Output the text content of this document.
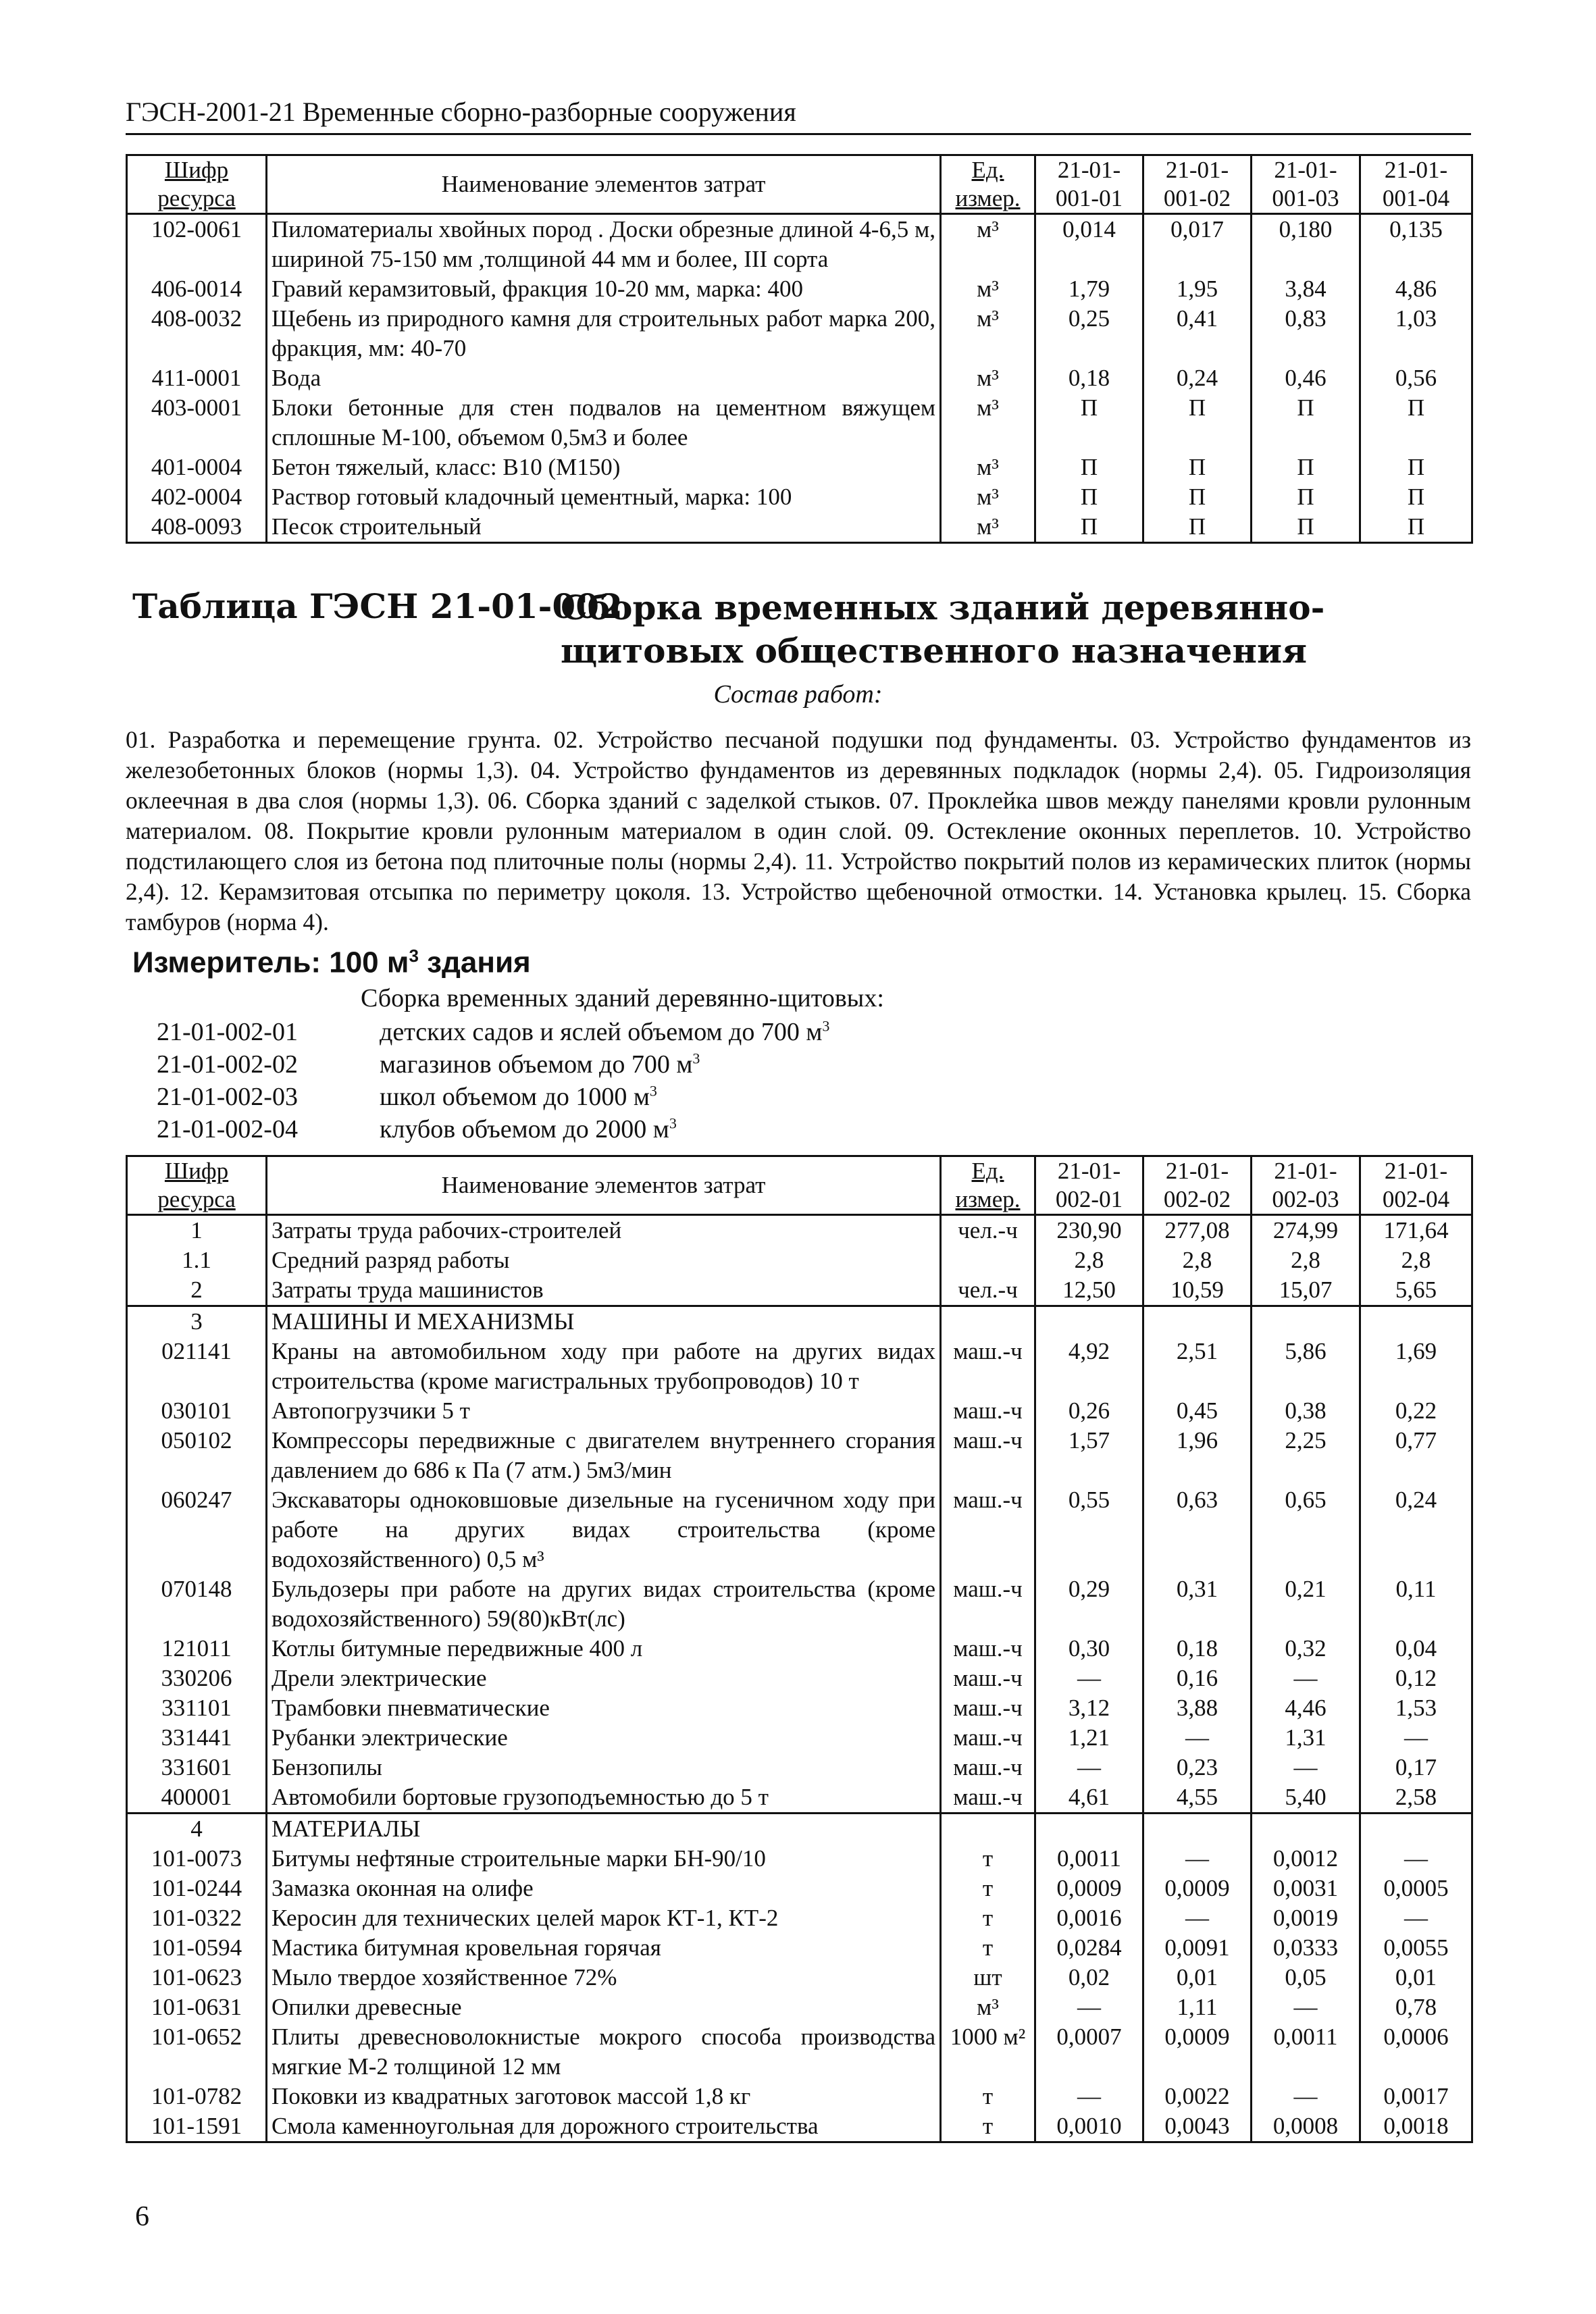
ГЭСН-2001-21 Временные сборно-разборные сооружения
Шифр ресурса	Наименование элементов затрат	Ед. измер.	21-01-001-01	21-01-001-02	21-01-001-03	21-01-001-04
102-0061	Пиломатериалы хвойных пород . Доски обрезные длиной 4-6,5 м, шириной 75-150 мм ,толщиной 44 мм и более, III сорта	м³	0,014	0,017	0,180	0,135
406-0014	Гравий керамзитовый, фракция 10-20 мм, марка: 400	м³	1,79	1,95	3,84	4,86
408-0032	Щебень из природного камня для строительных работ марка 200, фракция, мм: 40-70	м³	0,25	0,41	0,83	1,03
411-0001	Вода	м³	0,18	0,24	0,46	0,56
403-0001	Блоки бетонные для стен подвалов на цементном вяжущем сплошные М-100, объемом 0,5м3 и более	м³	П	П	П	П
401-0004	Бетон тяжелый, класс: В10 (М150)	м³	П	П	П	П
402-0004	Раствор готовый кладочный цементный, марка: 100	м³	П	П	П	П
408-0093	Песок строительный	м³	П	П	П	П
Таблица ГЭСН 21-01-002
Сборка временных зданий деревянно-щитовых общественного назначения
Состав работ:
01. Разработка и перемещение грунта. 02. Устройство песчаной подушки под фундаменты. 03. Устройство фундаментов из железобетонных блоков (нормы 1,3). 04. Устройство фундаментов из деревянных подкладок (нормы 2,4). 05. Гидроизоляция оклеечная в два слоя (нормы 1,3). 06. Сборка зданий с заделкой стыков. 07. Проклейка швов между панелями кровли рулонным материалом. 08. Покрытие кровли рулонным материалом в один слой. 09. Остекление оконных переплетов. 10. Устройство подстилающего слоя из бетона под плиточные полы (нормы 2,4). 11. Устройство покрытий полов из керамических плиток (нормы 2,4). 12. Керамзитовая отсыпка по периметру цоколя. 13. Устройство щебеночной отмостки. 14. Установка крылец. 15. Сборка тамбуров (норма 4).
Измеритель: 100 $м^3$ здания
Сборка временных зданий деревянно-щитовых:
21-01-002-01	детских садов и яслей объемом до 700 $м^3$
21-01-002-02	магазинов объемом до 700 $м^3$
21-01-002-03	школ объемом до 1000 $м^3$
21-01-002-04	клубов объемом до 2000 $м^3$
Шифр ресурса	Наименование элементов затрат	Ед. измер.	21-01-002-01	21-01-002-02	21-01-002-03	21-01-002-04
1	Затраты труда рабочих-строителей	чел.-ч	230,90	277,08	274,99	171,64
1.1	Средний разряд работы		2,8	2,8	2,8	2,8
2	Затраты труда машинистов	чел.-ч	12,50	10,59	15,07	5,65
3	МАШИНЫ И МЕХАНИЗМЫ					
021141	Краны на автомобильном ходу при работе на других видах строительства (кроме магистральных трубопроводов) 10 т	маш.-ч	4,92	2,51	5,86	1,69
030101	Автопогрузчики 5 т	маш.-ч	0,26	0,45	0,38	0,22
050102	Компрессоры передвижные с двигателем внутреннего сгорания давлением до 686 к Па (7 атм.) 5м3/мин	маш.-ч	1,57	1,96	2,25	0,77
060247	Экскаваторы одноковшовые дизельные на гусеничном ходу при работе на других видах строительства (кроме водохозяйственного) 0,5 м³	маш.-ч	0,55	0,63	0,65	0,24
070148	Бульдозеры при работе на других видах строительства (кроме водохозяйственного) 59(80)кВт(лс)	маш.-ч	0,29	0,31	0,21	0,11
121011	Котлы битумные передвижные 400 л	маш.-ч	0,30	0,18	0,32	0,04
330206	Дрели электрические	маш.-ч	—	0,16	—	0,12
331101	Трамбовки пневматические	маш.-ч	3,12	3,88	4,46	1,53
331441	Рубанки электрические	маш.-ч	1,21	—	1,31	—
331601	Бензопилы	маш.-ч	—	0,23	—	0,17
400001	Автомобили бортовые грузоподъемностью до 5 т	маш.-ч	4,61	4,55	5,40	2,58
4	МАТЕРИАЛЫ					
101-0073	Битумы нефтяные строительные марки БН-90/10	т	0,0011	—	0,0012	—
101-0244	Замазка оконная на олифе	т	0,0009	0,0009	0,0031	0,0005
101-0322	Керосин для технических целей марок КТ-1, КТ-2	т	0,0016	—	0,0019	—
101-0594	Мастика битумная кровельная горячая	т	0,0284	0,0091	0,0333	0,0055
101-0623	Мыло твердое хозяйственное 72%	шт	0,02	0,01	0,05	0,01
101-0631	Опилки древесные	м³	—	1,11	—	0,78
101-0652	Плиты древесноволокнистые мокрого способа производства мягкие М-2 толщиной 12 мм	1000 м²	0,0007	0,0009	0,0011	0,0006
101-0782	Поковки из квадратных заготовок массой 1,8 кг	т	—	0,0022	—	0,0017
101-1591	Смола каменноугольная для дорожного строительства	т	0,0010	0,0043	0,0008	0,0018
6
